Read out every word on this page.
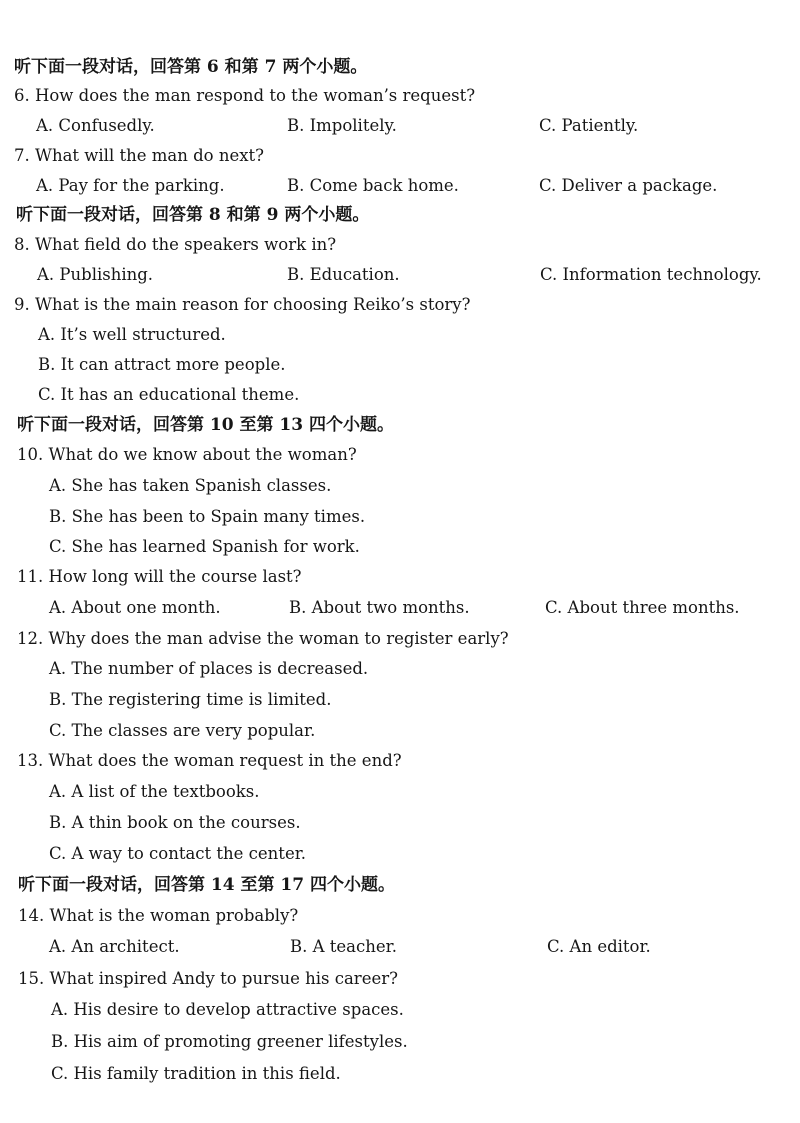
听下面一段对话，回答第 6 和第 7 两个小题。
6. How does the man respond to the woman’s request?
A. Confusedly.	B. Impolitely.	C. Patiently.
7. What will the man do next?
A. Pay for the parking.	B. Come back home.	C. Deliver a package.
听下面一段对话，回答第 8 和第 9 两个小题。
8. What field do the speakers work in?
A. Publishing.	B. Education.	C. Information technology.
9. What is the main reason for choosing Reiko’s story?
A. It’s well structured.
B. It can attract more people.
C. It has an educational theme.
听下面一段对话，回答第 10 至第 13 四个小题。
10. What do we know about the woman?
A. She has taken Spanish classes.
B. She has been to Spain many times.
C. She has learned Spanish for work.
11. How long will the course last?
A. About one month.	B. About two months.	C. About three months.
12. Why does the man advise the woman to register early?
A. The number of places is decreased.
B. The registering time is limited.
C. The classes are very popular.
13. What does the woman request in the end?
A. A list of the textbooks.
B. A thin book on the courses.
C. A way to contact the center.
听下面一段对话，回答第 14 至第 17 四个小题。
14. What is the woman probably?
A. An architect.	B. A teacher.	C. An editor.
15. What inspired Andy to pursue his career?
A. His desire to develop attractive spaces.
B. His aim of promoting greener lifestyles.
C. His family tradition in this field.
